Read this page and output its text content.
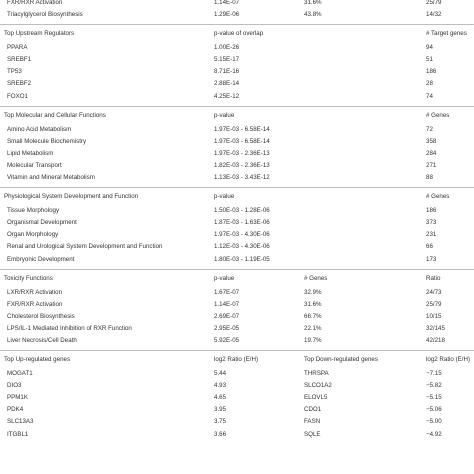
FXR/RXR Activation	1.14E-07	31.6%	25/79
Triacylglycerol Biosynthesis	1.29E-06	43.8%	14/32
Top Upstream Regulators	p-value of overlap	# Target genes
PPARA	1.00E-26	94
SREBF1	5.15E-17	51
TP53	8.71E-16	186
SREBF2	2.88E-14	28
FOXO1	4.25E-12	74
Top Molecular and Cellular Functions	p-value	# Genes
Amino Acid Metabolism	1.97E-03 - 6.58E-14	72
Small Molecule Biochemistry	1.97E-03 - 6.58E-14	358
Lipid Metabolism	1.97E-03 - 2.36E-13	284
Molecular Transport	1.82E-03 - 2.36E-13	271
Vitamin and Mineral Metabolism	1.13E-03 - 3.43E-12	88
Physiological System Development and Function	p-value	# Genes
Tissue Morphology	1.50E-03 - 1.28E-06	186
Organismal Development	1.87E-03 - 1.63E-06	373
Organ Morphology	1.97E-03 - 4.30E-06	231
Renal and Urological System Development and Function	1.12E-03 - 4.30E-06	66
Embryonic Development	1.80E-03 - 1.19E-05	173
Toxicity Functions	p-value	# Genes	Ratio
LXR/RXR Activation	1.67E-07	32.9%	24/73
FXR/RXR Activation	1.14E-07	31.6%	25/79
Cholesterol Biosynthesis	2.69E-07	66.7%	10/15
LPS/IL-1 Mediated Inhibition of RXR Function	2.95E-05	22.1%	32/145
Liver Necrosis/Cell Death	5.92E-05	19.7%	42/218
Top Up-regulated genes	log2 Ratio (E/H)	Top Down-regulated genes	log2 Ratio (E/H)
MOGAT1	5.44	THRSPA	−7.15
DIO3	4.93	SLCO1A2	−5.82
PPM1K	4.65	ELOVL5	−5.15
PDK4	3.95	CDO1	−5.06
SLC13A3	3.75	FASN	−5.00
ITGBL1	3.66	SQLE	−4.92
